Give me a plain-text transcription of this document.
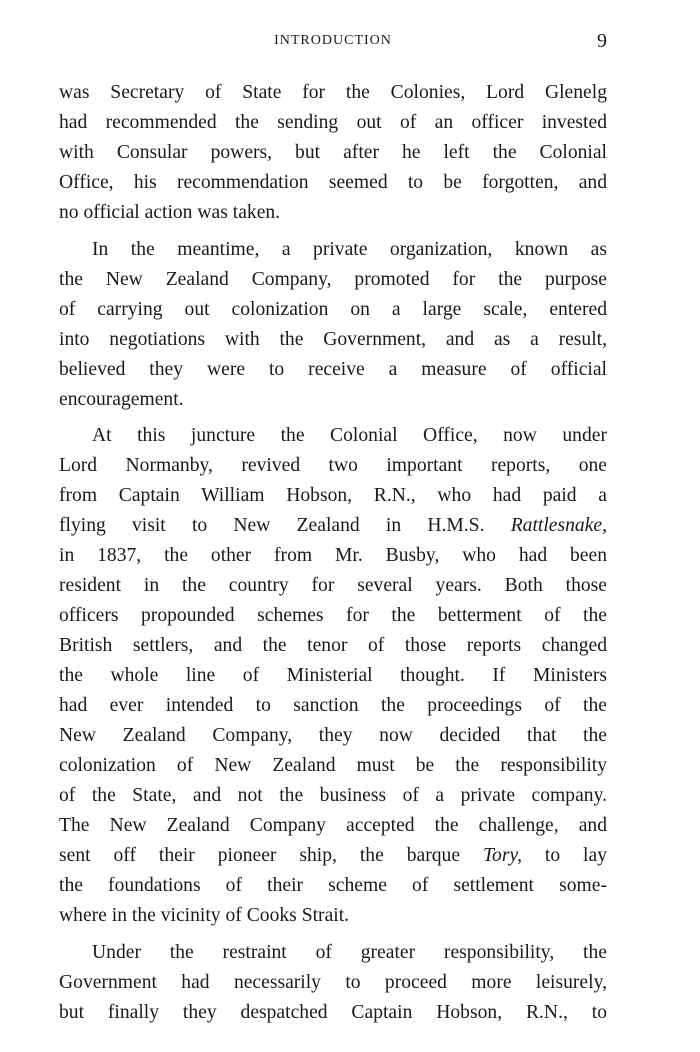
INTRODUCTION	9
was Secretary of State for the Colonies, Lord Glenelg
had recommended the sending out of an officer invested
with Consular powers, but after he left the Colonial
Office, his recommendation seemed to be forgotten, and
no official action was taken.
In the meantime, a private organization, known as
the New Zealand Company, promoted for the purpose
of carrying out colonization on a large scale, entered
into negotiations with the Government, and as a result,
believed they were to receive a measure of official
encouragement.
At this juncture the Colonial Office, now under
Lord Normanby, revived two important reports, one
from Captain William Hobson, R.N., who had paid a
flying visit to New Zealand in H.M.S. Rattlesnake,
in 1837, the other from Mr. Busby, who had been
resident in the country for several years. Both those
officers propounded schemes for the betterment of the
British settlers, and the tenor of those reports changed
the whole line of Ministerial thought. If Ministers
had ever intended to sanction the proceedings of the
New Zealand Company, they now decided that the
colonization of New Zealand must be the responsibility
of the State, and not the business of a private company.
The New Zealand Company accepted the challenge, and
sent off their pioneer ship, the barque Tory, to lay
the foundations of their scheme of settlement some-
where in the vicinity of Cooks Strait.
Under the restraint of greater responsibility, the
Government had necessarily to proceed more leisurely,
but finally they despatched Captain Hobson, R.N., to
